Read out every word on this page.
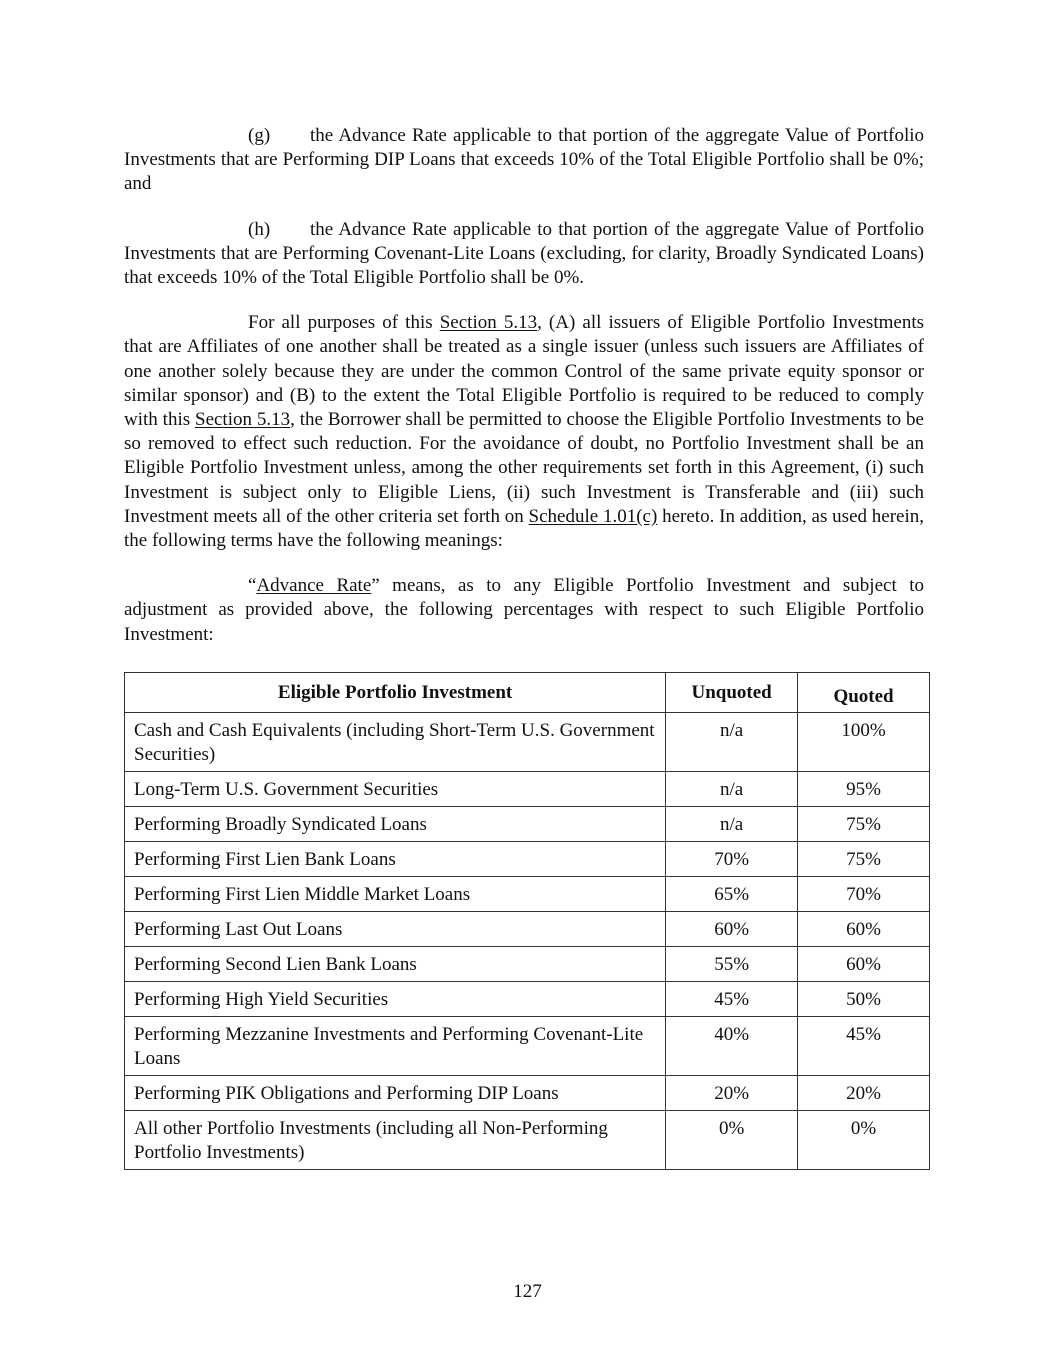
(g) the Advance Rate applicable to that portion of the aggregate Value of Portfolio Investments that are Performing DIP Loans that exceeds 10% of the Total Eligible Portfolio shall be 0%; and

(h) the Advance Rate applicable to that portion of the aggregate Value of Portfolio Investments that are Performing Covenant-Lite Loans (excluding, for clarity, Broadly Syndicated Loans) that exceeds 10% of the Total Eligible Portfolio shall be 0%.

For all purposes of this Section 5.13, (A) all issuers of Eligible Portfolio Investments that are Affiliates of one another shall be treated as a single issuer (unless such issuers are Affiliates of one another solely because they are under the common Control of the same private equity sponsor or similar sponsor) and (B) to the extent the Total Eligible Portfolio is required to be reduced to comply with this Section 5.13, the Borrower shall be permitted to choose the Eligible Portfolio Investments to be so removed to effect such reduction. For the avoidance of doubt, no Portfolio Investment shall be an Eligible Portfolio Investment unless, among the other requirements set forth in this Agreement, (i) such Investment is subject only to Eligible Liens, (ii) such Investment is Transferable and (iii) such Investment meets all of the other criteria set forth on Schedule 1.01(c) hereto. In addition, as used herein, the following terms have the following meanings:

“Advance Rate” means, as to any Eligible Portfolio Investment and subject to adjustment as provided above, the following percentages with respect to such Eligible Portfolio Investment:

Eligible Portfolio Investment	Unquoted	Quoted
Cash and Cash Equivalents (including Short-Term U.S. Government Securities)	n/a	100%
Long-Term U.S. Government Securities	n/a	95%
Performing Broadly Syndicated Loans	n/a	75%
Performing First Lien Bank Loans	70%	75%
Performing First Lien Middle Market Loans	65%	70%
Performing Last Out Loans	60%	60%
Performing Second Lien Bank Loans	55%	60%
Performing High Yield Securities	45%	50%
Performing Mezzanine Investments and Performing Covenant-Lite Loans	40%	45%
Performing PIK Obligations and Performing DIP Loans	20%	20%
All other Portfolio Investments (including all Non-Performing Portfolio Investments)	0%	0%
127
